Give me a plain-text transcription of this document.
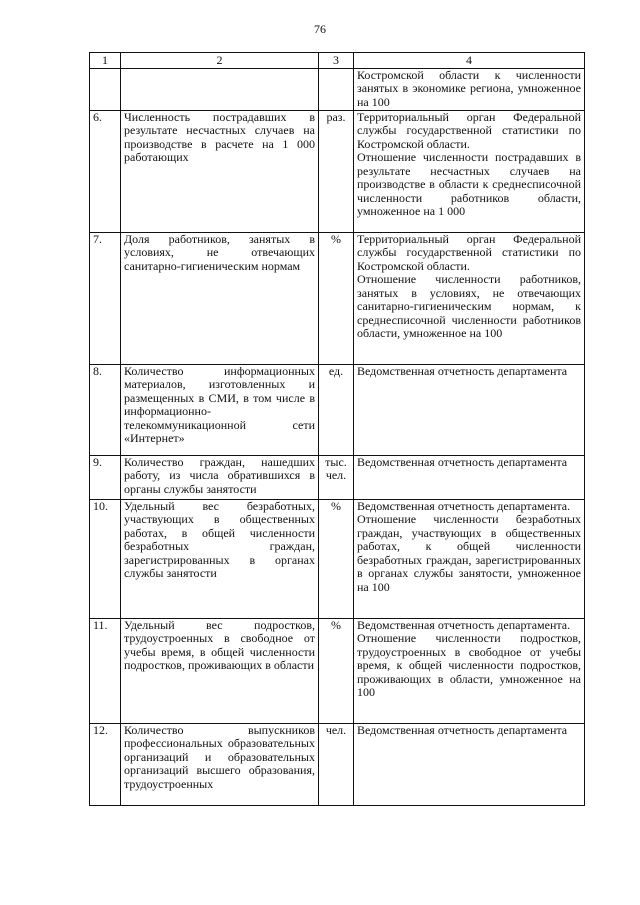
76
1	2	3	4

			Костромской области к численности занятых в экономике региона, умноженное на 100

6.	Численность пострадавших в результате несчастных случаев на производстве в расчете на 1 000 работающих	раз.	Территориальный орган Федеральной службы государственной статистики по Костромской области.
Отношение численности пострадавших в результате несчастных случаев на производстве в области к среднесписочной численности работников области, умноженное на 1 000

7.	Доля работников, занятых в условиях, не отвечающих санитарно-гигиеническим нормам	%	Территориальный орган Федеральной службы государственной статистики по Костромской области.
Отношение численности работников, занятых в условиях, не отвечающих санитарно-гигиеническим нормам, к среднесписочной численности работников области, умноженное на 100

8.	Количество информационных материалов, изготовленных и размещенных в СМИ, в том числе в информационно-телекоммуникационной сети «Интернет»	ед.	Ведомственная отчетность департамента

9.	Количество граждан, нашедших работу, из числа обратившихся в органы службы занятости	тыс. чел.	Ведомственная отчетность департамента

10.	Удельный вес безработных, участвующих в общественных работах, в общей численности безработных граждан, зарегистрированных в органах службы занятости	%	Ведомственная отчетность департамента.
Отношение численности безработных граждан, участвующих в общественных работах, к общей численности безработных граждан, зарегистрированных в органах службы занятости, умноженное на 100

11.	Удельный вес подростков, трудоустроенных в свободное от учебы время, в общей численности подростков, проживающих в области	%	Ведомственная отчетность департамента.
Отношение численности подростков, трудоустроенных в свободное от учебы время, к общей численности подростков, проживающих в области, умноженное на 100

12.	Количество выпускников профессиональных образовательных организаций и образовательных организаций высшего образования, трудоустроенных	чел.	Ведомственная отчетность департамента
